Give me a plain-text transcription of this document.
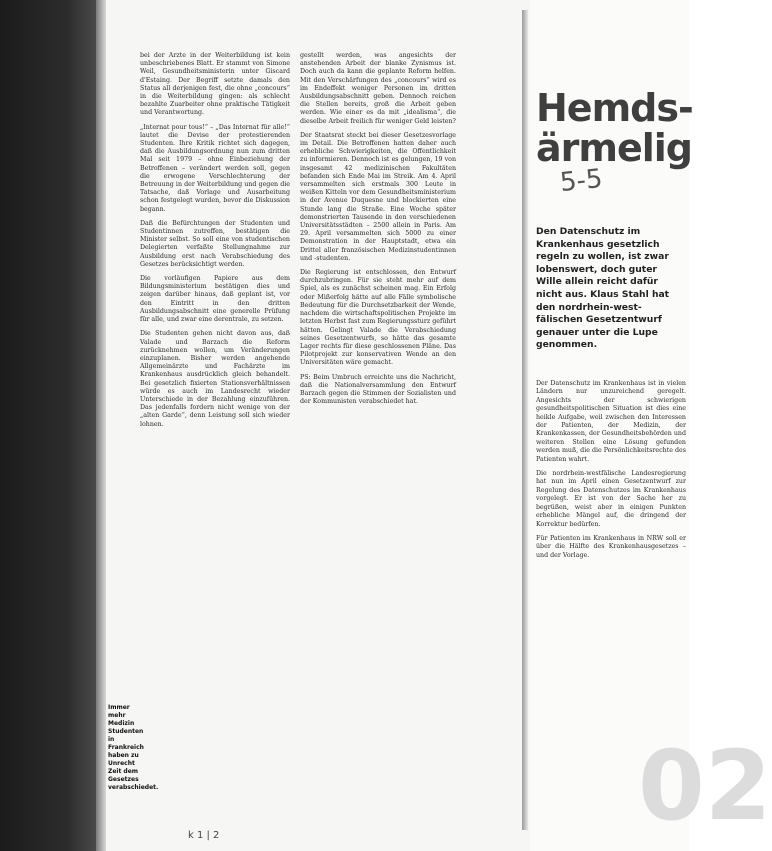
Immer mehr
Medizin
Studenten
in Frankreich
haben zu
Unrecht
Zeit dem
Gesetzes
verabschiedet.

bei der Arzte in der Weiterbildung ist kein unbeschriebenes Blatt. Er stammt von Simone Weil, Gesundheitsministerin unter Giscard d'Estaing. Der Begriff setzte damals den Status all derjenigen fest, die ohne „concours“ in die Weiterbildung gingen: als schlecht bezahlte Zuarbeiter ohne praktische Tätigkeit und Verantwortung.

„Internat pour tous!“ – „Das Internat für alle!“ lautet die Devise der protestierenden Studenten. Ihre Kritik richtet sich dagegen, daß die Ausbildungsordnung nun zum dritten Mal seit 1979 – ohne Einbeziehung der Betroffenen – verändert werden soll, gegen die erwogene Verschlechterung der Betreuung in der Weiterbildung und gegen die Tatsache, daß Vorlage und Ausarbeitung schon festgelegt wurden, bevor die Diskussion begann.

Daß die Befürchtungen der Studenten und Studentinnen zutreffen, bestätigen die Minister selbst. So soll eine von studentischen Delegierten verfaßte Stellungnahme zur Ausbildung erst nach Verabschiedung des Gesetzes berücksichtigt werden.

Die vorläufigen Papiere aus dem Bildungsministerium bestätigen dies und zeigen darüber hinaus, daß geplant ist, vor den Eintritt in den dritten Ausbildungsabschnitt eine generelle Prüfung für alle, und zwar eine derentrale, zu setzen.

Die Studenten gehen nicht davon aus, daß Valade und Barzach die Reform zurücknehmen wollen, um Veränderungen einzuplanen. Bisher werden angehende Allgemeinärzte und Fachärzte im Krankenhaus ausdrücklich gleich behandelt. Bei gesetzlich fixierten Stationsverhältnissen würde es auch im Landesrecht wieder Unterschiede in der Bezahlung einzuführen. Das jedenfalls fordern nicht wenige von der „alten Garde“, denn Leistung soll sich wieder lohnen.

gestellt werden, was angesichts der anstehenden Arbeit der blanke Zynismus ist. Doch auch da kann die geplante Reform helfen. Mit den Verschärfungen des „concours“ wird es im Endeffekt weniger Personen im dritten Ausbildungsabschnitt geben. Dennoch reichen die Stellen bereits, groß die Arbeit geben werden. Wie einer es da mit „idealisma“, die dieselbe Arbeit freilich für weniger Geld leisten?

Der Staatsrat steckt bei dieser Gesetzesvorlage im Detail. Die Betroffenen hatten daher auch erhebliche Schwierigkeiten, die Offentlichkeit zu informieren. Dennoch ist es gelungen, 19 von insgesamt 42 medizinischen Fakultäten befanden sich Ende Mai im Streik. Am 4. April versammelten sich erstmals 300 Leute in weißen Kitteln vor dem Gesundheitsministerium in der Avenue Duquesne und blockierten eine Stunde lang die Straße. Eine Woche später demonstrierten Tausende in den verschiedenen Universitätsstädten – 2500 allein in Paris. Am 29. April versammelten sich 5000 zu einer Demonstration in der Hauptstadt, etwa ein Drittel aller französischen Medizinstudentinnen und -studenten.

Die Regierung ist entschlossen, den Entwurf durchzubringen. Für sie steht mehr auf dem Spiel, als es zunächst scheinen mag. Ein Erfolg oder Mißerfolg hätte auf alle Fälle symbolische Bedeutung für die Durchsetzbarkeit der Wende, nachdem die wirtschaftspolitischen Projekte im letzten Herbst fast zum Regierungssturz geführt hätten. Gelingt Valade die Verabschiedung seines Gesetzentwurfs, so hätte das gesamte Lager rechts für diese geschlossenen Pläne. Das Pilotprojekt zur konservativen Wende an den Universitäten wäre gemacht.

PS: Beim Umbruch erreichte uns die Nachricht, daß die Nationalversammlung den Entwurf Barzach gegen die Stimmen der Sozialisten und der Kommunisten verabschiedet hat.

Hemds-
ärmelig
5-5
Den Datenschutz im
Krankenhaus gesetzlich
regeln zu wollen, ist zwar
lobenswert, doch guter
Wille allein reicht dafür
nicht aus. Klaus Stahl hat
den nordrhein-west-
fälischen Gesetzentwurf
genauer unter die Lupe
genommen.

Der Datenschutz im Krankenhaus ist in vielen Ländern nur unzureichend geregelt. Angesichts der schwierigen gesundheitspolitischen Situation ist dies eine heikle Aufgabe, weil zwischen den Interessen der Patienten, der Medizin, der Krankenkassen, der Gesundheitsbehörden und weiteren Stellen eine Lösung gefunden werden muß, die die Persönlichkeitsrechte des Patienten wahrt.

Die nordrhein-westfälische Landesregierung hat nun im April einen Gesetzentwurf zur Regelung des Datenschutzes im Krankenhaus vorgelegt. Er ist von der Sache her zu begrüßen, weist aber in einigen Punkten erhebliche Mängel auf, die dringend der Korrektur bedürfen.

Für Patienten im Krankenhaus in NRW soll er über die Hälfte des Krankenhausgesetzes – und der Vorlage.

02
k 1 | 2
